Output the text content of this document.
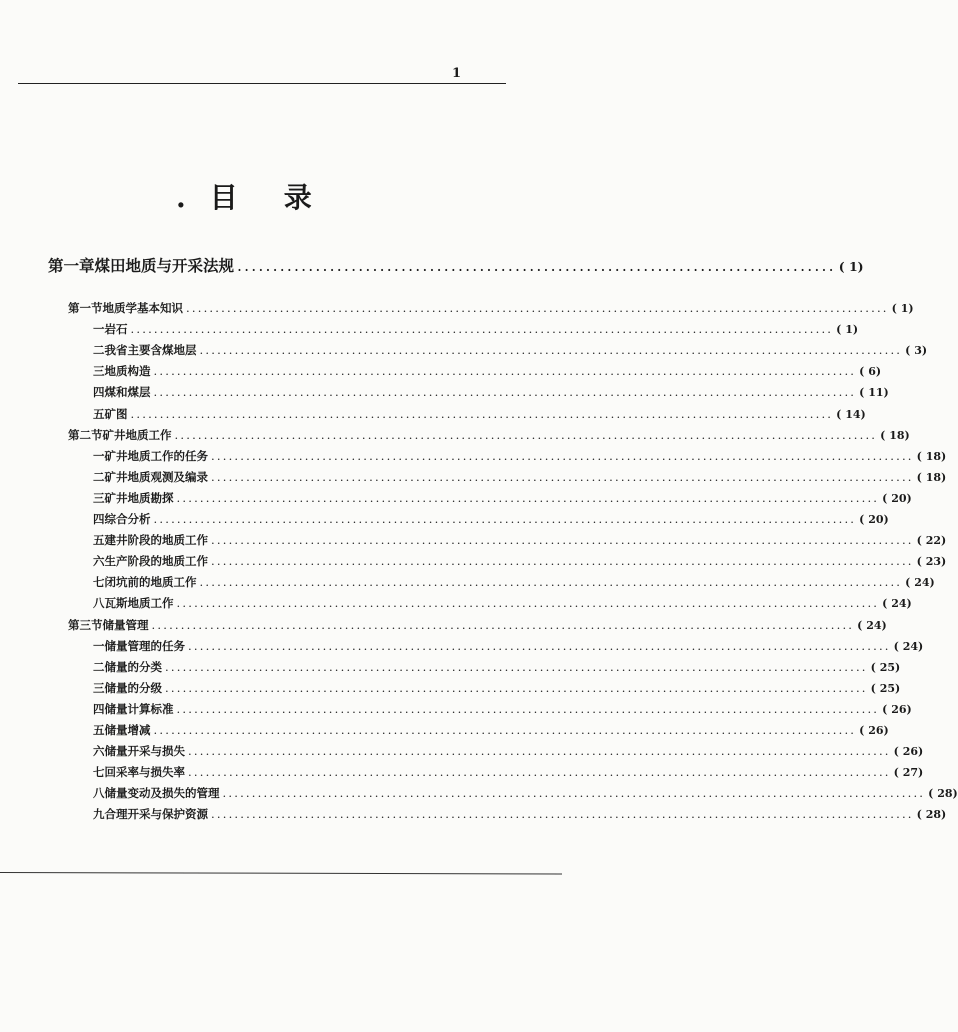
1
. 目 录
第一章 煤田地质与开采法规 .................................................................................... ( 1)
第一节 地质学基本知识 ........................................................................................................................ ( 1)
一 岩石 ........................................................................................................................ ( 1)
二 我省主要含煤地层 ........................................................................................................................ ( 3)
三 地质构造 ........................................................................................................................ ( 6)
四 煤和煤层 ........................................................................................................................ ( 11)
五 矿图 ........................................................................................................................ ( 14)
第二节 矿井地质工作 ........................................................................................................................ ( 18)
一 矿井地质工作的任务 ........................................................................................................................ ( 18)
二 矿井地质观测及编录 ........................................................................................................................ ( 18)
三 矿井地质勘探 ........................................................................................................................ ( 20)
四 综合分析 ........................................................................................................................ ( 20)
五 建井阶段的地质工作 ........................................................................................................................ ( 22)
六 生产阶段的地质工作 ........................................................................................................................ ( 23)
七 闭坑前的地质工作 ........................................................................................................................ ( 24)
八 瓦斯地质工作 ........................................................................................................................ ( 24)
第三节 储量管理 ........................................................................................................................ ( 24)
一 储量管理的任务 ........................................................................................................................ ( 24)
二 储量的分类 ........................................................................................................................ ( 25)
三 储量的分级 ........................................................................................................................ ( 25)
四 储量计算标准 ........................................................................................................................ ( 26)
五 储量增减 ........................................................................................................................ ( 26)
六 储量开采与损失 ........................................................................................................................ ( 26)
七 回采率与损失率 ........................................................................................................................ ( 27)
八 储量变动及损失的管理 ........................................................................................................................ ( 28)
九 合理开采与保护资源 ........................................................................................................................ ( 28)
